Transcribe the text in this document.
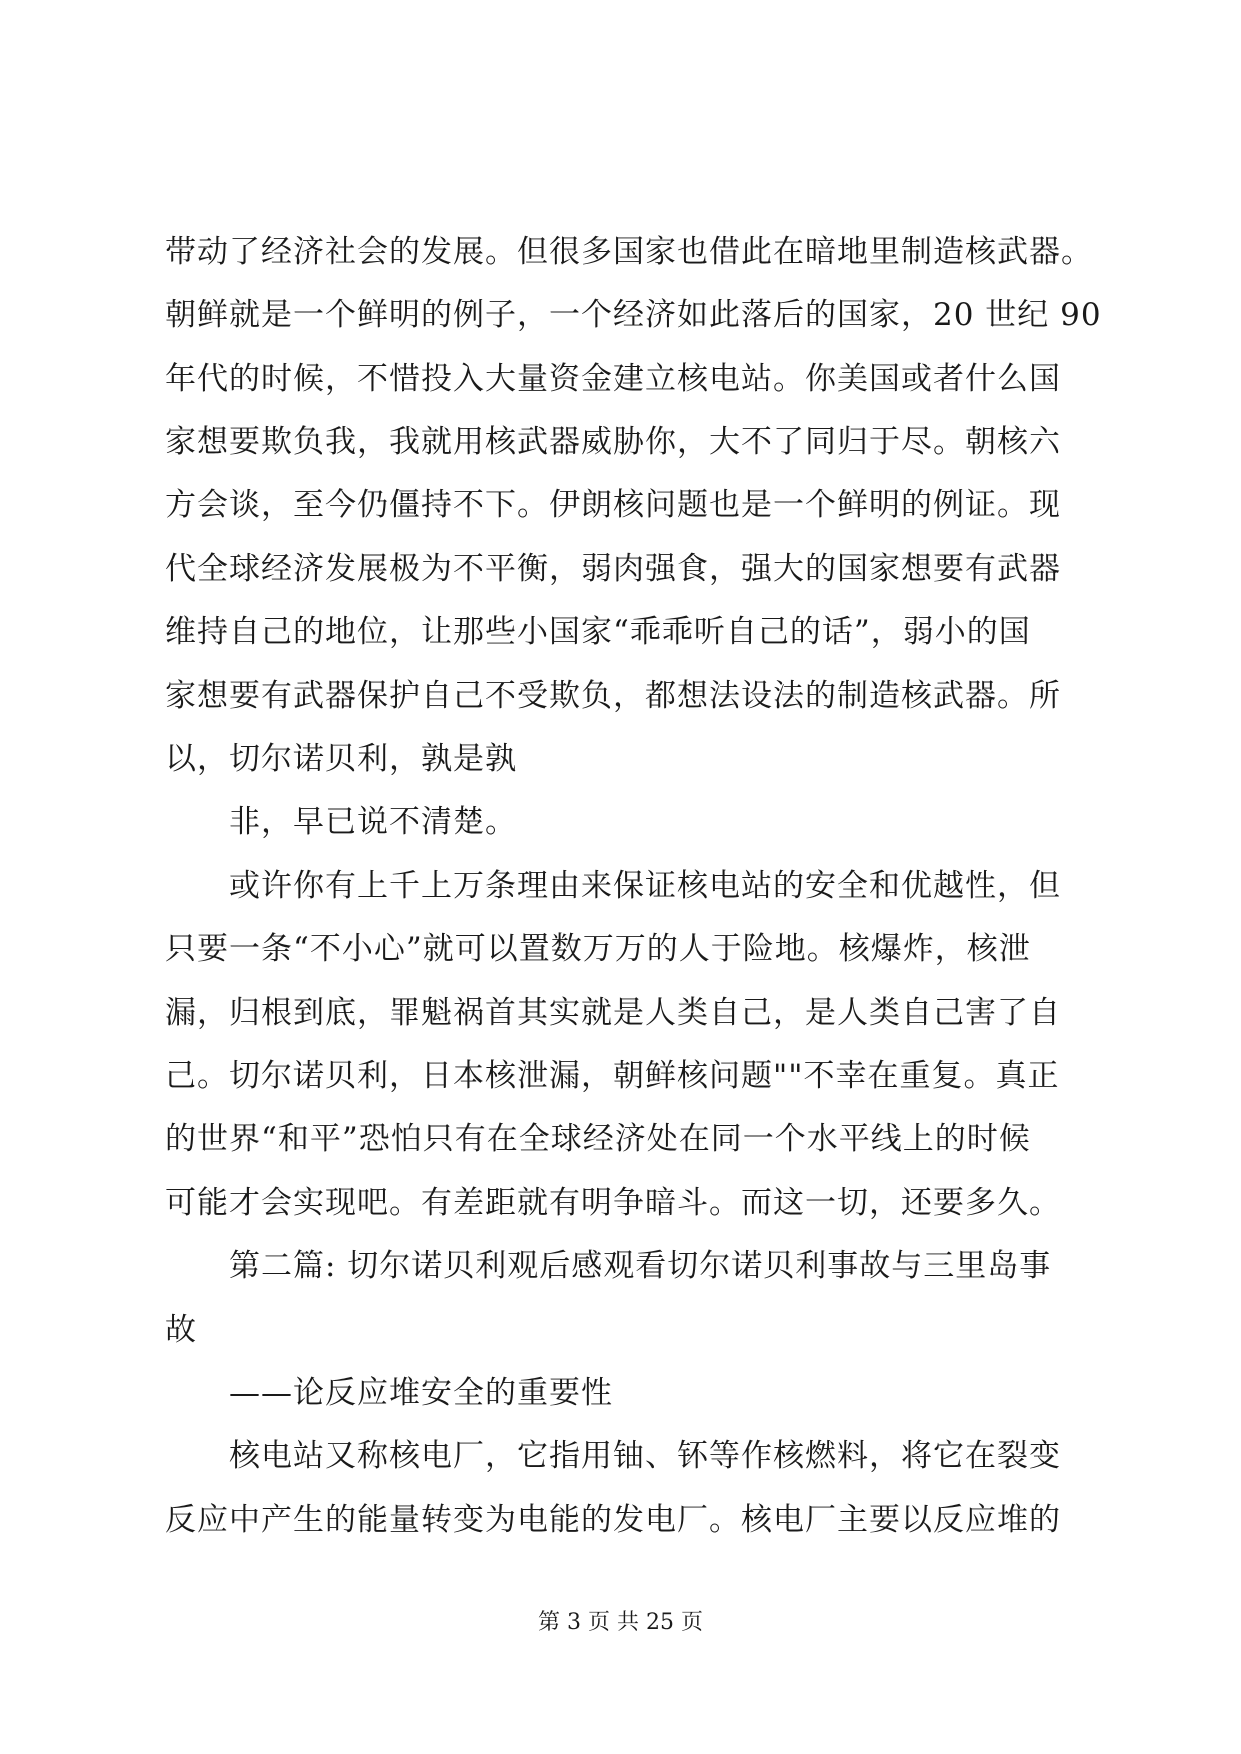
带动了经济社会的发展。但很多国家也借此在暗地里制造核武器。
朝鲜就是一个鲜明的例子，一个经济如此落后的国家，20 世纪 90
年代的时候，不惜投入大量资金建立核电站。你美国或者什么国
家想要欺负我，我就用核武器威胁你，大不了同归于尽。朝核六
方会谈，至今仍僵持不下。伊朗核问题也是一个鲜明的例证。现
代全球经济发展极为不平衡，弱肉强食，强大的国家想要有武器
维持自己的地位，让那些小国家“乖乖听自己的话”，弱小的国
家想要有武器保护自己不受欺负，都想法设法的制造核武器。所
以，切尔诺贝利，孰是孰
非，早已说不清楚。
或许你有上千上万条理由来保证核电站的安全和优越性，但
只要一条“不小心”就可以置数万万的人于险地。核爆炸，核泄
漏，归根到底，罪魁祸首其实就是人类自己，是人类自己害了自
己。切尔诺贝利，日本核泄漏，朝鲜核问题""不幸在重复。真正
的世界“和平”恐怕只有在全球经济处在同一个水平线上的时候
可能才会实现吧。有差距就有明争暗斗。而这一切，还要多久。
第二篇: 切尔诺贝利观后感观看切尔诺贝利事故与三里岛事
故
——论反应堆安全的重要性
核电站又称核电厂，它指用铀、钚等作核燃料，将它在裂变
反应中产生的能量转变为电能的发电厂。核电厂主要以反应堆的
第 3 页 共 25 页
